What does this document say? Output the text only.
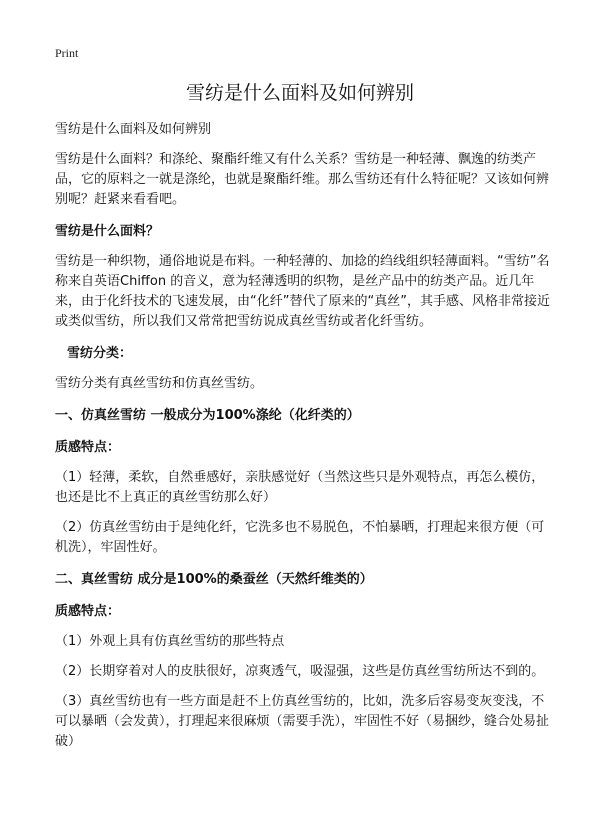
Print
雪纺是什么面料及如何辨别

雪纺是什么面料及如何辨别

雪纺是什么面料？和涤纶、聚酯纤维又有什么关系？雪纺是一种轻薄、飘逸的纺类产品，它的原料之一就是涤纶，也就是聚酯纤维。那么雪纺还有什么特征呢？又该如何辨别呢？赶紧来看看吧。

雪纺是什么面料？

雪纺是一种织物，通俗地说是布料。一种轻薄的、加捻的绉线组织轻薄面料。“雪纺”名称来自英语Chiffon 的音义，意为轻薄透明的织物，是丝产品中的纺类产品。近几年来，由于化纤技术的飞速发展，由“化纤”替代了原来的“真丝”，其手感、风格非常接近或类似雪纺，所以我们又常常把雪纺说成真丝雪纺或者化纤雪纺。

雪纺分类：

雪纺分类有真丝雪纺和仿真丝雪纺。

一、仿真丝雪纺 一般成分为100%涤纶（化纤类的）

质感特点：

（1）轻薄，柔软，自然垂感好，亲肤感觉好（当然这些只是外观特点，再怎么模仿，也还是比不上真正的真丝雪纺那么好）

（2）仿真丝雪纺由于是纯化纤，它洗多也不易脱色，不怕暴晒，打理起来很方便（可机洗），牢固性好。

二、真丝雪纺 成分是100%的桑蚕丝（天然纤维类的）

质感特点：

（1）外观上具有仿真丝雪纺的那些特点

（2）长期穿着对人的皮肤很好，凉爽透气，吸湿强，这些是仿真丝雪纺所达不到的。

（3）真丝雪纺也有一些方面是赶不上仿真丝雪纺的，比如，洗多后容易变灰变浅，不可以暴晒（会发黄），打理起来很麻烦（需要手洗），牢固性不好（易捆纱，缝合处易扯破）
